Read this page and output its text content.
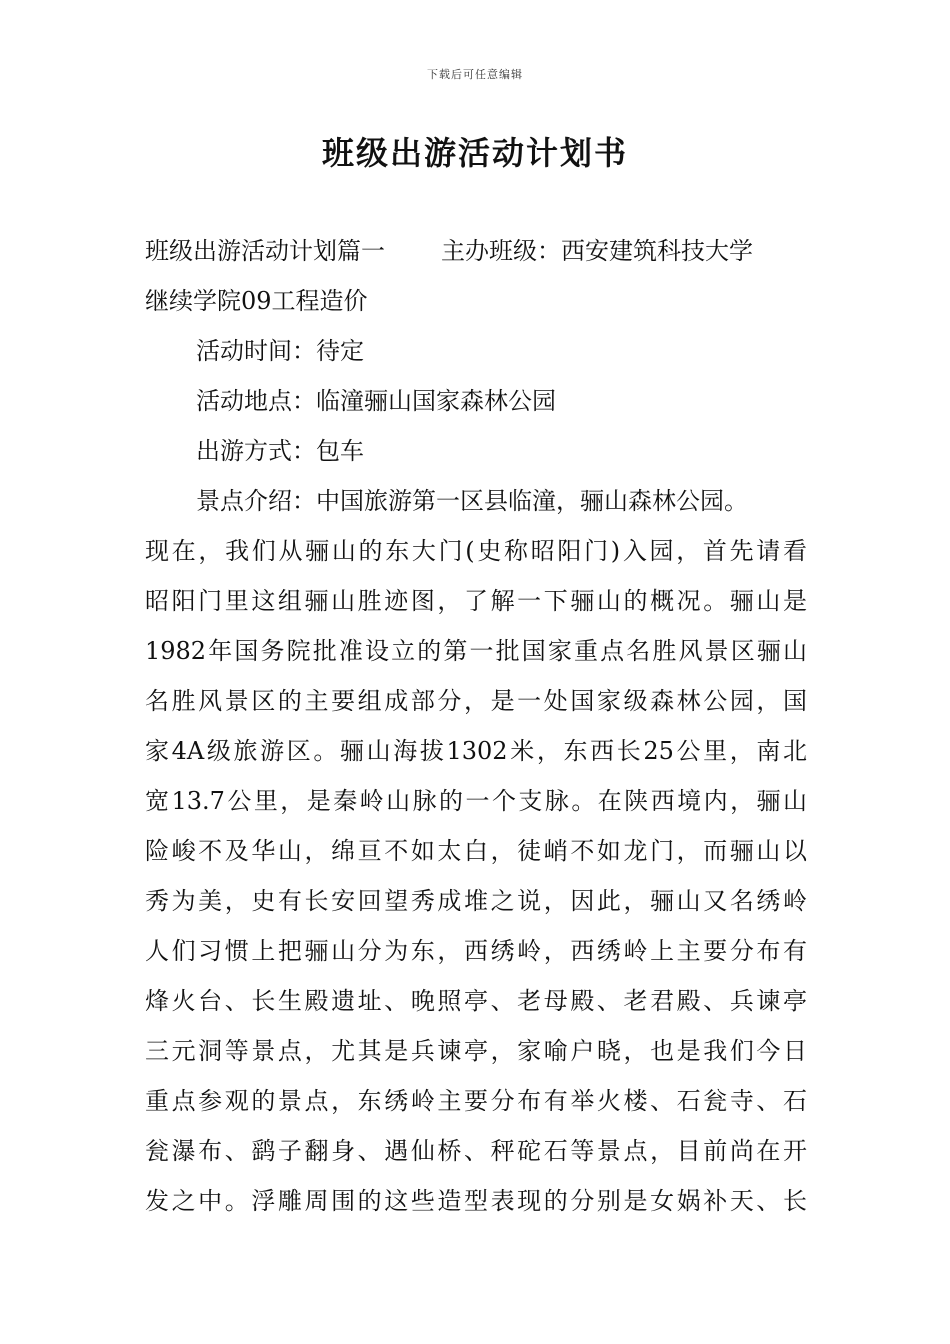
下载后可任意编辑
班级出游活动计划书
班级出游活动计划篇一 主办班级：西安建筑科技大学
继续学院09工程造价
活动时间：待定
活动地点：临潼骊山国家森林公园
出游方式：包车
景点介绍：中国旅游第一区县临潼，骊山森林公园。
现在，我们从骊山的东大门(史称昭阳门)入园，首先请看
昭阳门里这组骊山胜迹图，了解一下骊山的概况。骊山是
1982年国务院批准设立的第一批国家重点名胜风景区骊山
名胜风景区的主要组成部分，是一处国家级森林公园，国
家4A级旅游区。骊山海拔1302米，东西长25公里，南北
宽13.7公里，是秦岭山脉的一个支脉。在陕西境内，骊山
险峻不及华山，绵亘不如太白，徒峭不如龙门，而骊山以
秀为美，史有长安回望秀成堆之说，因此，骊山又名绣岭
人们习惯上把骊山分为东，西绣岭，西绣岭上主要分布有
烽火台、长生殿遗址、晚照亭、老母殿、老君殿、兵谏亭
三元洞等景点，尤其是兵谏亭，家喻户晓，也是我们今日
重点参观的景点，东绣岭主要分布有举火楼、石瓮寺、石
瓮瀑布、鹞子翻身、遇仙桥、秤砣石等景点，目前尚在开
发之中。浮雕周围的这些造型表现的分别是女娲补天、长
